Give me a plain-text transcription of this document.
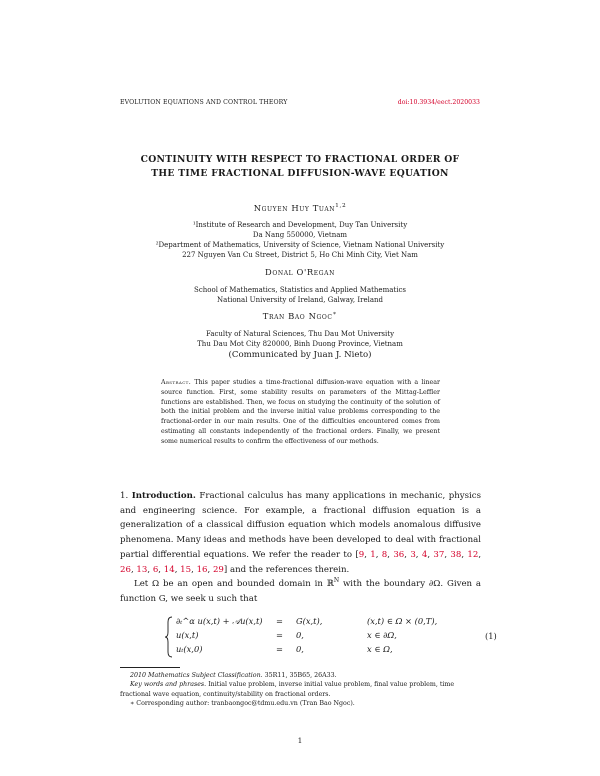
EVOLUTION EQUATIONS AND CONTROL THEORY	doi:10.3934/eect.2020033
CONTINUITY WITH RESPECT TO FRACTIONAL ORDER OF
THE TIME FRACTIONAL DIFFUSION-WAVE EQUATION
Nguyen Huy Tuan$^{1,2}$
¹Institute of Research and Development, Duy Tan University
Da Nang 550000, Vietnam
²Department of Mathematics, University of Science, Vietnam National University
227 Nguyen Van Cu Street, District 5, Ho Chi Minh City, Viet Nam
Donal O'Regan
School of Mathematics, Statistics and Applied Mathematics
National University of Ireland, Galway, Ireland
Tran Bao Ngoc∗
Faculty of Natural Sciences, Thu Dau Mot University
Thu Dau Mot City 820000, Binh Duong Province, Vietnam
(Communicated by Juan J. Nieto)
Abstract. This paper studies a time-fractional diffusion-wave equation with a linear source function. First, some stability results on parameters of the Mittag-Leffler functions are established. Then, we focus on studying the continuity of the solution of both the initial problem and the inverse initial value problems corresponding to the fractional-order in our main results. One of the difficulties encountered comes from estimating all constants independently of the fractional orders. Finally, we present some numerical results to confirm the effectiveness of our methods.

1. Introduction. Fractional calculus has many applications in mechanic, physics and engineering science. For example, a fractional diffusion equation is a generalization of a classical diffusion equation which models anomalous diffusive phenomena. Many ideas and methods have been developed to deal with fractional partial differential equations. We refer the reader to [9, 1, 8, 36, 3, 4, 37, 38, 12, 26, 13, 6, 14, 15, 16, 29] and the references therein.

Let Ω be an open and bounded domain in ℝ$^N$ with the boundary ∂Ω. Given a function G, we seek u such that

∂ₜ^α u(x,t) + 𝒜u(x,t) = G(x,t),	(x,t) ∈ Ω × (0,T),
u(x,t)	= 0,	x ∈ ∂Ω,
uₜ(x,0)	= 0,	x ∈ Ω,
(1)
2010 Mathematics Subject Classification. 35R11, 35B65, 26A33.
Key words and phrases. Initial value problem, inverse initial value problem, final value problem, time fractional wave equation, continuity/stability on fractional orders.
∗ Corresponding author: tranbaongoc@tdmu.edu.vn (Tran Bao Ngoc).
1
